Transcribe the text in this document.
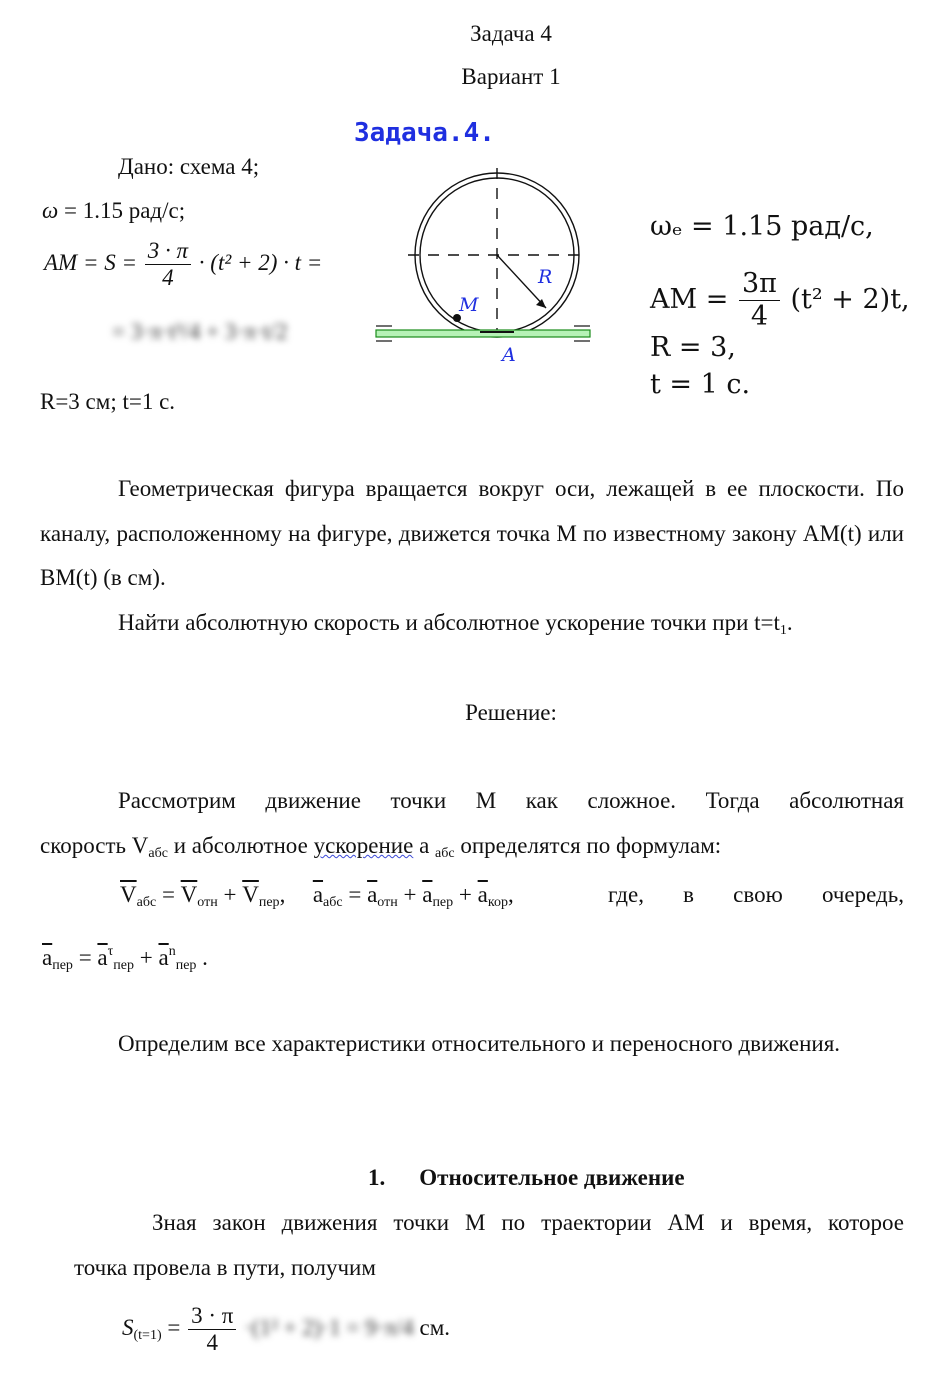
Задача 4
Вариант 1
Дано: схема 4;
ω = 1.15 рад/с;
AM = $S = \frac{3 \cdot \pi}{4} \cdot (t^2 + 2) \cdot t$ =
= 3·π·t³/4 + 3·π·t/2
R=3 см; t=1 с.
Задача.4.
M
R
A
ωₑ = 1.15 рад/с,
AM = $\frac{3\pi}{4} (t^2 + 2)t$,
R = 3,
t = 1 с.
Геометрическая фигура вращается вокруг оси, лежащей в ее плоскости. По каналу, расположенному на фигуре, движется точка М по известному закону AM(t) или BM(t) (в см).
Найти абсолютную скорость и абсолютное ускорение точки при $t=t_1$.
Решение:
Рассмотрим движение точки М как сложное. Тогда абсолютная
скорость $V_{абс}$ и абсолютное ускорение a $_{абс}$ определятся по формулам:
$\overline{V}_{абс} = \overline{V}_{отн} + \overline{V}_{пер}$, $\overline{a}_{абс} = \overline{a}_{отн} + \overline{a}_{пер} + \overline{a}_{кор}$,	где, в свою очередь,
$\overline{a}_{пер} = \overline{a}^\tau_{пер} + \overline{a}^n_{пер}$ .
Определим все характеристики относительного и переносного движения.
1. Относительное движение
Зная закон движения точки М по траектории AM и время, которое
точка провела в пути, получим
$S_{(t=1)} = \frac{3 \cdot \pi}{4} \cdot(1^2 + 2)\cdot 1 = 9\cdot\pi/4$ см.
